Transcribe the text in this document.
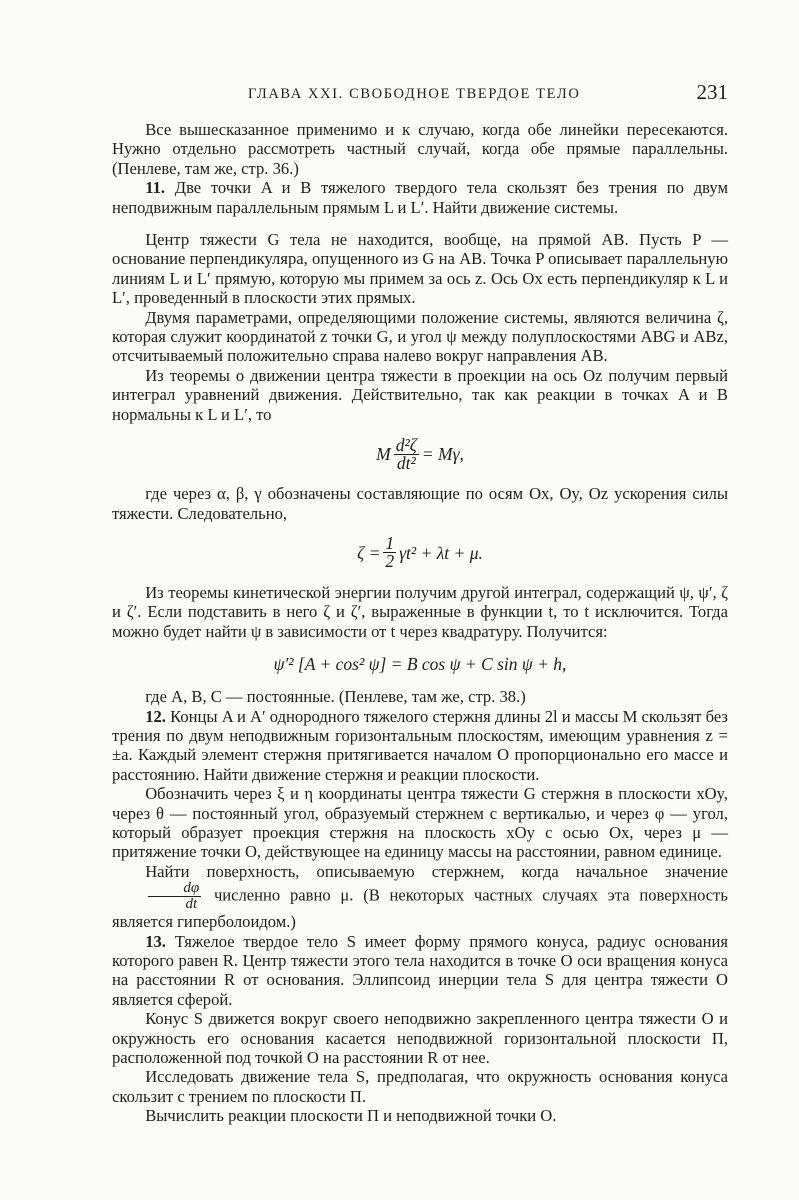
ГЛАВА XXI. СВОБОДНОЕ ТВЕРДОЕ ТЕЛО	231

Все вышесказанное применимо и к случаю, когда обе линейки пересекаются. Нужно отдельно рассмотреть частный случай, когда обе прямые параллельны. (Пенлеве, там же, стр. 36.)

11. Две точки A и B тяжелого твердого тела скользят без трения по двум неподвижным параллельным прямым L и L′. Найти движение системы.

Центр тяжести G тела не находится, вообще, на прямой AB. Пусть P — основание перпендикуляра, опущенного из G на AB. Точка P описывает параллельную линиям L и L′ прямую, которую мы примем за ось z. Ось Ox есть перпендикуляр к L и L′, проведенный в плоскости этих прямых.

Двумя параметрами, определяющими положение системы, являются величина ζ, которая служит координатой z точки G, и угол ψ между полуплоскостями ABG и ABz, отсчитываемый положительно справа налево вокруг направления AB.

Из теоремы о движении центра тяжести в проекции на ось Oz получим первый интеграл уравнений движения. Действительно, так как реакции в точках A и B нормальны к L и L′, то

M $\frac{\text{d²ζ}}{\text{dt²}} = M\gamma$,

где через α, β, γ обозначены составляющие по осям Ox, Oy, Oz ускорения силы тяжести. Следовательно,

$\zeta = \frac{1}{2} \gamma t^2 + \lambda t + \mu$.

Из теоремы кинетической энергии получим другой интеграл, содержащий ψ, ψ′, ζ и ζ′. Если подставить в него ζ и ζ′, выраженные в функции t, то t исключится. Тогда можно будет найти ψ в зависимости от t через квадратуру. Получится:

ψ′² [A + cos² ψ] = B cos ψ + C sin ψ + h,

где A, B, C — постоянные. (Пенлеве, там же, стр. 38.)

12. Концы A и A′ однородного тяжелого стержня длины 2l и массы M скользят без трения по двум неподвижным горизонтальным плоскостям, имеющим уравнения z = ±a. Каждый элемент стержня притягивается началом O пропорционально его массе и расстоянию. Найти движение стержня и реакции плоскости.

Обозначить через ξ и η координаты центра тяжести G стержня в плоскости xOy, через θ — постоянный угол, образуемый стержнем с вертикалью, и через φ — угол, который образует проекция стержня на плоскость xOy с осью Ox, через μ — притяжение точки O, действующее на единицу массы на расстоянии, равном единице.

Найти поверхность, описываемую стержнем, когда начальное значение
$\frac{d\varphi}{dt}$ численно равно μ. (В некоторых частных случаях эта поверхность является гиперболоидом.)

13. Тяжелое твердое тело S имеет форму прямого конуса, радиус основания которого равен R. Центр тяжести этого тела находится в точке O оси вращения конуса на расстоянии R от основания. Эллипсоид инерции тела S для центра тяжести O является сферой.

Конус S движется вокруг своего неподвижно закрепленного центра тяжести O и окружность его основания касается неподвижной горизонтальной плоскости Π, расположенной под точкой O на расстоянии R от нее.

Исследовать движение тела S, предполагая, что окружность основания конуса скользит с трением по плоскости Π.

Вычислить реакции плоскости Π и неподвижной точки O.
